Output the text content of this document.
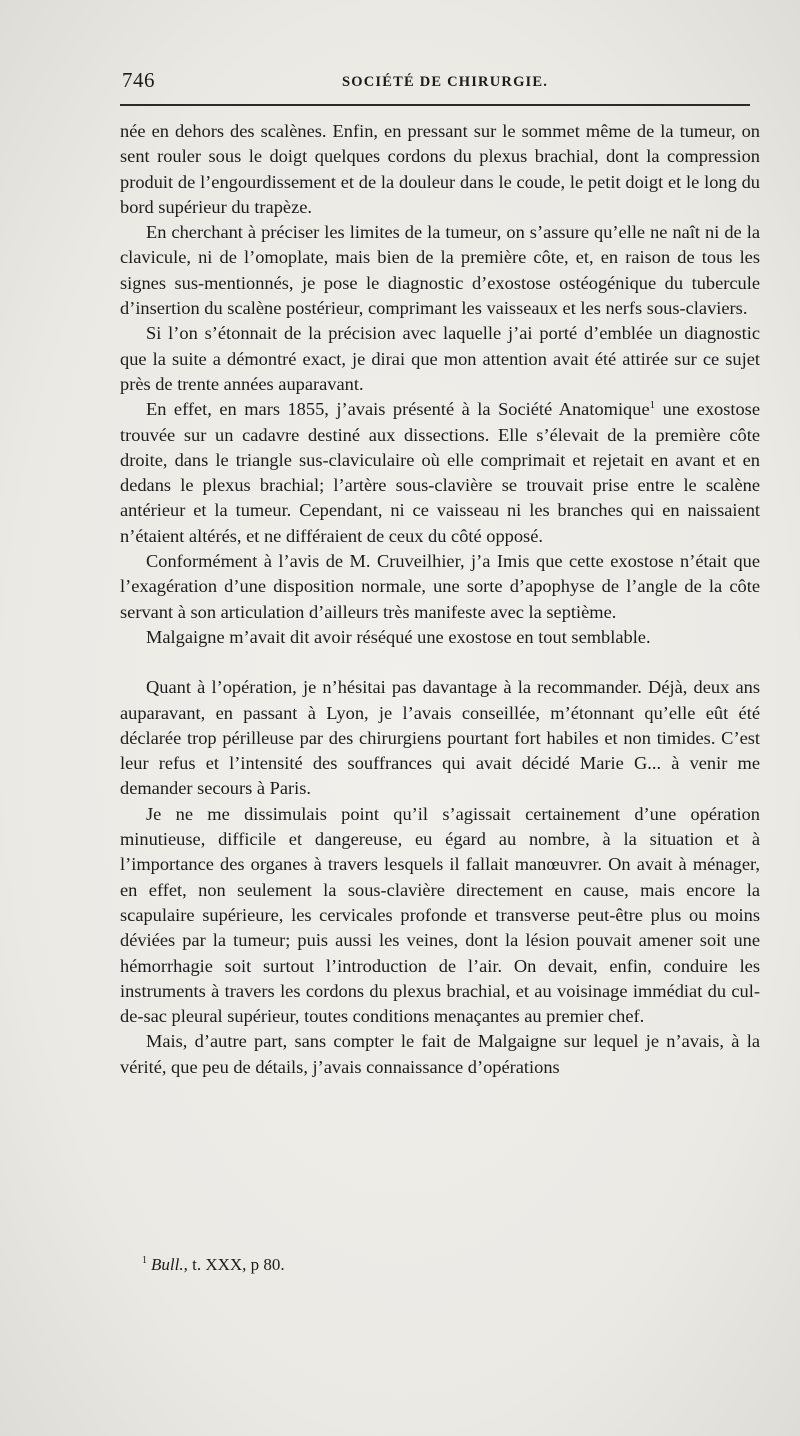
746	SOCIÉTÉ DE CHIRURGIE.

née en dehors des scalènes. Enfin, en pressant sur le sommet même de la tumeur, on sent rouler sous le doigt quelques cordons du plexus brachial, dont la compression produit de l’engourdissement et de la douleur dans le coude, le petit doigt et le long du bord supérieur du trapèze.

En cherchant à préciser les limites de la tumeur, on s’assure qu’elle ne naît ni de la clavicule, ni de l’omoplate, mais bien de la première côte, et, en raison de tous les signes sus-mentionnés, je pose le diagnostic d’exostose ostéogénique du tubercule d’insertion du scalène postérieur, comprimant les vaisseaux et les nerfs sous-claviers.

Si l’on s’étonnait de la précision avec laquelle j’ai porté d’emblée un diagnostic que la suite a démontré exact, je dirai que mon attention avait été attirée sur ce sujet près de trente années auparavant.

En effet, en mars 1855, j’avais présenté à la Société Anatomique$^1$ une exostose trouvée sur un cadavre destiné aux dissections. Elle s’élevait de la première côte droite, dans le triangle sus-claviculaire où elle comprimait et rejetait en avant et en dedans le plexus brachial; l’artère sous-clavière se trouvait prise entre le scalène antérieur et la tumeur. Cependant, ni ce vaisseau ni les branches qui en naissaient n’étaient altérés, et ne différaient de ceux du côté opposé.

Conformément à l’avis de M. Cruveilhier, j’a Imis que cette exostose n’était que l’exagération d’une disposition normale, une sorte d’apophyse de l’angle de la côte servant à son articulation d’ailleurs très manifeste avec la septième.

Malgaigne m’avait dit avoir réséqué une exostose en tout semblable.

Quant à l’opération, je n’hésitai pas davantage à la recommander. Déjà, deux ans auparavant, en passant à Lyon, je l’avais conseillée, m’étonnant qu’elle eût été déclarée trop périlleuse par des chirurgiens pourtant fort habiles et non timides. C’est leur refus et l’intensité des souffrances qui avait décidé Marie G... à venir me demander secours à Paris.

Je ne me dissimulais point qu’il s’agissait certainement d’une opération minutieuse, difficile et dangereuse, eu égard au nombre, à la situation et à l’importance des organes à travers lesquels il fallait manœuvrer. On avait à ménager, en effet, non seulement la sous-clavière directement en cause, mais encore la scapulaire supérieure, les cervicales profonde et transverse peut-être plus ou moins déviées par la tumeur; puis aussi les veines, dont la lésion pouvait amener soit une hémorrhagie soit surtout l’introduction de l’air. On devait, enfin, conduire les instruments à travers les cordons du plexus brachial, et au voisinage immédiat du cul-de-sac pleural supérieur, toutes conditions menaçantes au premier chef.

Mais, d’autre part, sans compter le fait de Malgaigne sur lequel je n’avais, à la vérité, que peu de détails, j’avais connaissance d’opérations

$^1$ Bull., t. XXX, p 80.
